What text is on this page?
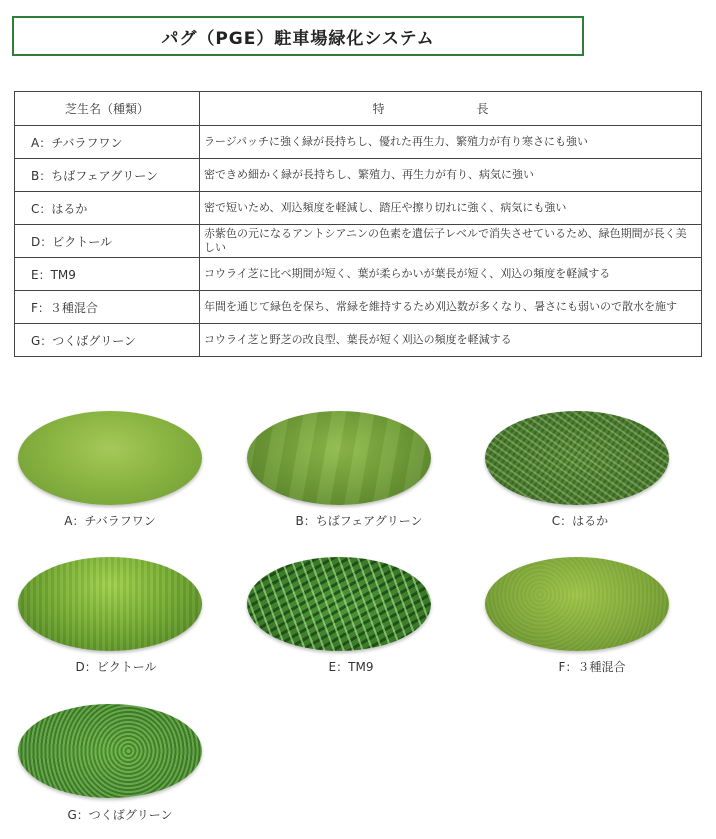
パグ（PGE）駐車場緑化システム
芝生名（種類）	特　長
A：チバラフワン	ラージパッチに強く緑が長持ちし、優れた再生力、繁殖力が有り寒さにも強い
B：ちばフェアグリーン	密できめ細かく緑が長持ちし、繁殖力、再生力が有り、病気に強い
C：はるか	密で短いため、刈込頻度を軽減し、踏圧や擦り切れに強く、病気にも強い
D：ビクトール	赤紫色の元になるアントシアニンの色素を遺伝子レベルで消失させているため、緑色期間が長く美しい
E：TM9	コウライ芝に比べ期間が短く、葉が柔らかいが葉長が短く、刈込の頻度を軽減する
F：３種混合	年間を通じて緑色を保ち、常緑を維持するため刈込数が多くなり、暑さにも弱いので散水を施す
G：つくばグリーン	コウライ芝と野芝の改良型、葉長が短く刈込の頻度を軽減する
A：チバラフワン	B：ちばフェアグリーン	C：はるか
D：ビクトール	E：TM9	F：３種混合
G：つくばグリーン
